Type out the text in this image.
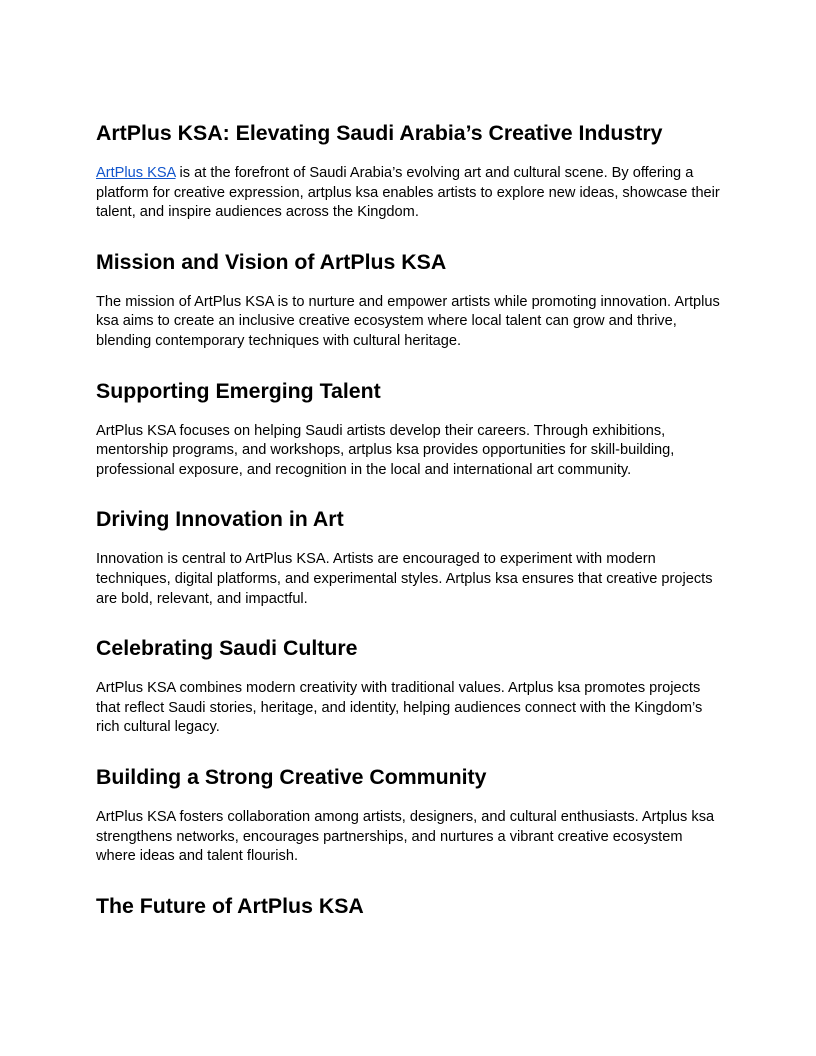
ArtPlus KSA: Elevating Saudi Arabia’s Creative Industry

ArtPlus KSA is at the forefront of Saudi Arabia’s evolving art and cultural scene. By offering a platform for creative expression, artplus ksa enables artists to explore new ideas, showcase their talent, and inspire audiences across the Kingdom.

Mission and Vision of ArtPlus KSA

The mission of ArtPlus KSA is to nurture and empower artists while promoting innovation. Artplus ksa aims to create an inclusive creative ecosystem where local talent can grow and thrive, blending contemporary techniques with cultural heritage.

Supporting Emerging Talent

ArtPlus KSA focuses on helping Saudi artists develop their careers. Through exhibitions, mentorship programs, and workshops, artplus ksa provides opportunities for skill-building, professional exposure, and recognition in the local and international art community.

Driving Innovation in Art

Innovation is central to ArtPlus KSA. Artists are encouraged to experiment with modern techniques, digital platforms, and experimental styles. Artplus ksa ensures that creative projects are bold, relevant, and impactful.

Celebrating Saudi Culture

ArtPlus KSA combines modern creativity with traditional values. Artplus ksa promotes projects that reflect Saudi stories, heritage, and identity, helping audiences connect with the Kingdom’s rich cultural legacy.

Building a Strong Creative Community

ArtPlus KSA fosters collaboration among artists, designers, and cultural enthusiasts. Artplus ksa strengthens networks, encourages partnerships, and nurtures a vibrant creative ecosystem where ideas and talent flourish.

The Future of ArtPlus KSA
